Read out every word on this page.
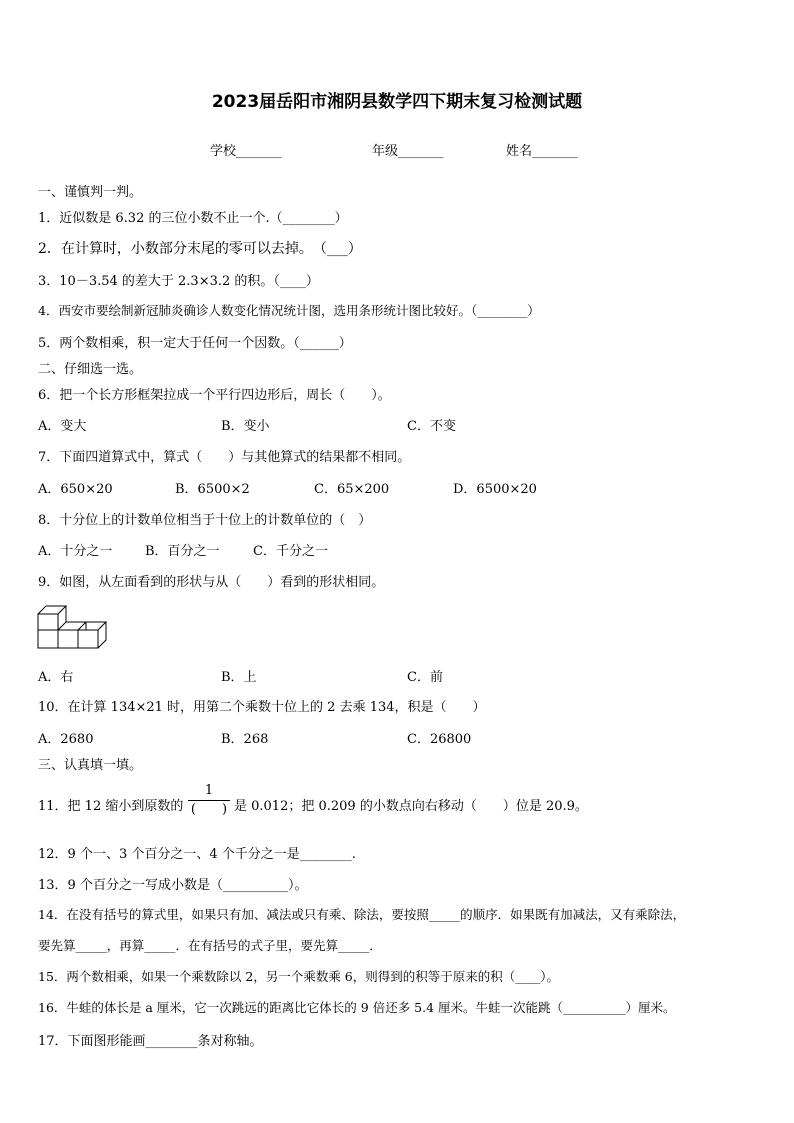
2023届岳阳市湘阴县数学四下期末复习检测试题
学校_______	年级_______	姓名_______
一、谨慎判一判。
1．近似数是 6.32 的三位小数不止一个.（________）
2．在计算时，小数部分末尾的零可以去掉。　（___）
3．10－3.54 的差大于 2.3×3.2 的积。（____）
4．西安市要绘制新冠肺炎确诊人数变化情况统计图，选用条形统计图比较好。（________）
5．两个数相乘，积一定大于任何一个因数。（______）
二、仔细选一选。
6．把一个长方形框架拉成一个平行四边形后，周长（　　）。
A．变大	B．变小	C．不变
7．下面四道算式中，算式（　　）与其他算式的结果都不相同。
A．650×20	B．6500×2	C．65×200	D．6500×20
8．十分位上的计数单位相当于十位上的计数单位的（　）
A．十分之一	B．百分之一	C．千分之一
9．如图，从左面看到的形状与从（　　）看到的形状相同。
A．右	B．上	C．前
10．在计算 134×21 时，用第二个乘数十位上的 2 去乘 134，积是（　　）
A．2680	B．268	C．26800
三、认真填一填。
11．把 12 缩小到原数的
1
(　　) 是 0.012；把 0.209 的小数点向右移动（　　）位是 20.9。
12．9 个一、3 个百分之一、4 个千分之一是________.
13．9 个百分之一写成小数是（__________）。
14．在没有括号的算式里，如果只有加、减法或只有乘、除法，要按照_____的顺序．如果既有加减法，又有乘除法，
要先算_____，再算_____．在有括号的式子里，要先算_____．
15．两个数相乘，如果一个乘数除以 2，另一个乘数乘 6，则得到的积等于原来的积（____）。
16．牛蛙的体长是 a 厘米，它一次跳远的距离比它体长的 9 倍还多 5.4 厘米。牛蛙一次能跳（__________）厘米。
17．下面图形能画________条对称轴。
